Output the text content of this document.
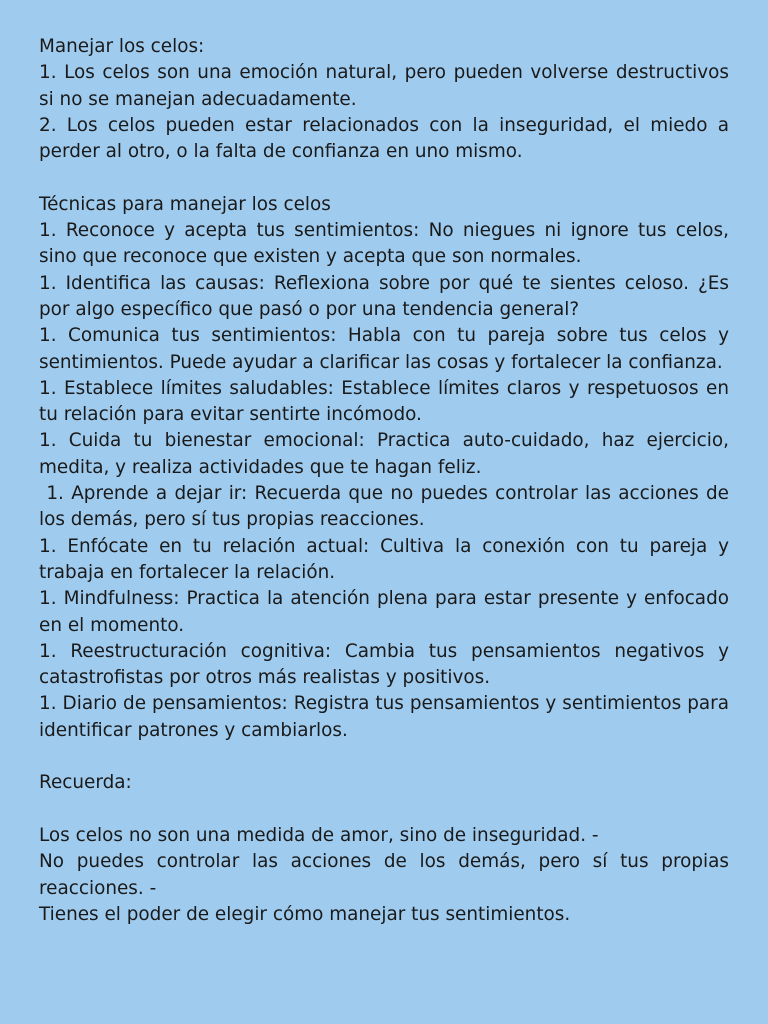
Manejar los celos:

1. Los celos son una emoción natural, pero pueden volverse destructivos si no se manejan adecuadamente.

2. Los celos pueden estar relacionados con la inseguridad, el miedo a perder al otro, o la falta de confianza en uno mismo.

Técnicas para manejar los celos

1. Reconoce y acepta tus sentimientos: No niegues ni ignore tus celos, sino que reconoce que existen y acepta que son normales.

1. Identifica las causas: Reflexiona sobre por qué te sientes celoso. ¿Es por algo específico que pasó o por una tendencia general?

1. Comunica tus sentimientos: Habla con tu pareja sobre tus celos y sentimientos. Puede ayudar a clarificar las cosas y fortalecer la confianza.

1. Establece límites saludables: Establece límites claros y respetuosos en tu relación para evitar sentirte incómodo.

1. Cuida tu bienestar emocional: Practica auto-cuidado, haz ejercicio, medita, y realiza actividades que te hagan feliz.

1. Aprende a dejar ir: Recuerda que no puedes controlar las acciones de los demás, pero sí tus propias reacciones.

1. Enfócate en tu relación actual: Cultiva la conexión con tu pareja y trabaja en fortalecer la relación.

1. Mindfulness: Practica la atención plena para estar presente y enfocado en el momento.

1. Reestructuración cognitiva: Cambia tus pensamientos negativos y catastrofistas por otros más realistas y positivos.

1. Diario de pensamientos: Registra tus pensamientos y sentimientos para identificar patrones y cambiarlos.

Recuerda:

Los celos no son una medida de amor, sino de inseguridad. -

No puedes controlar las acciones de los demás, pero sí tus propias reacciones. -

Tienes el poder de elegir cómo manejar tus sentimientos.
